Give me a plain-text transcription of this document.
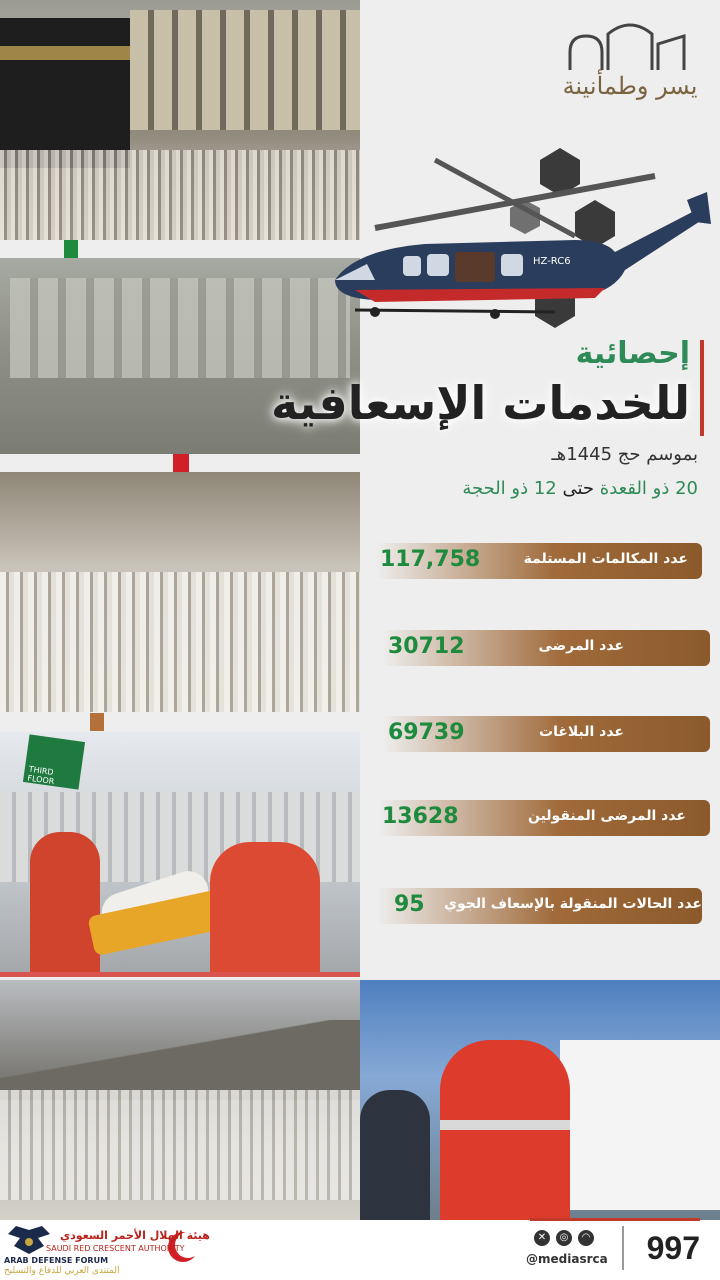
THIRD FLOOR
يسر وطمأنينة
HZ-RC6
إحصائية
للخدمات الإسعافية
بموسم حج 1445هـ
20 ذو القعدة حتى 12 ذو الحجة
عدد المكالمات المستلمة
117,758
عدد المرضى
30712
عدد البلاغات
69739
عدد المرضى المنقولين
13628
عدد الحالات المنقولة بالإسعاف الجوي
95
997
✕	◎	◠
@mediasrca
هيئة الهلال الأحمر السعودي
SAUDI RED CRESCENT AUTHORITY
ARAB DEFENSE FORUM
المنتدى العربي للدفاع والتسليح
